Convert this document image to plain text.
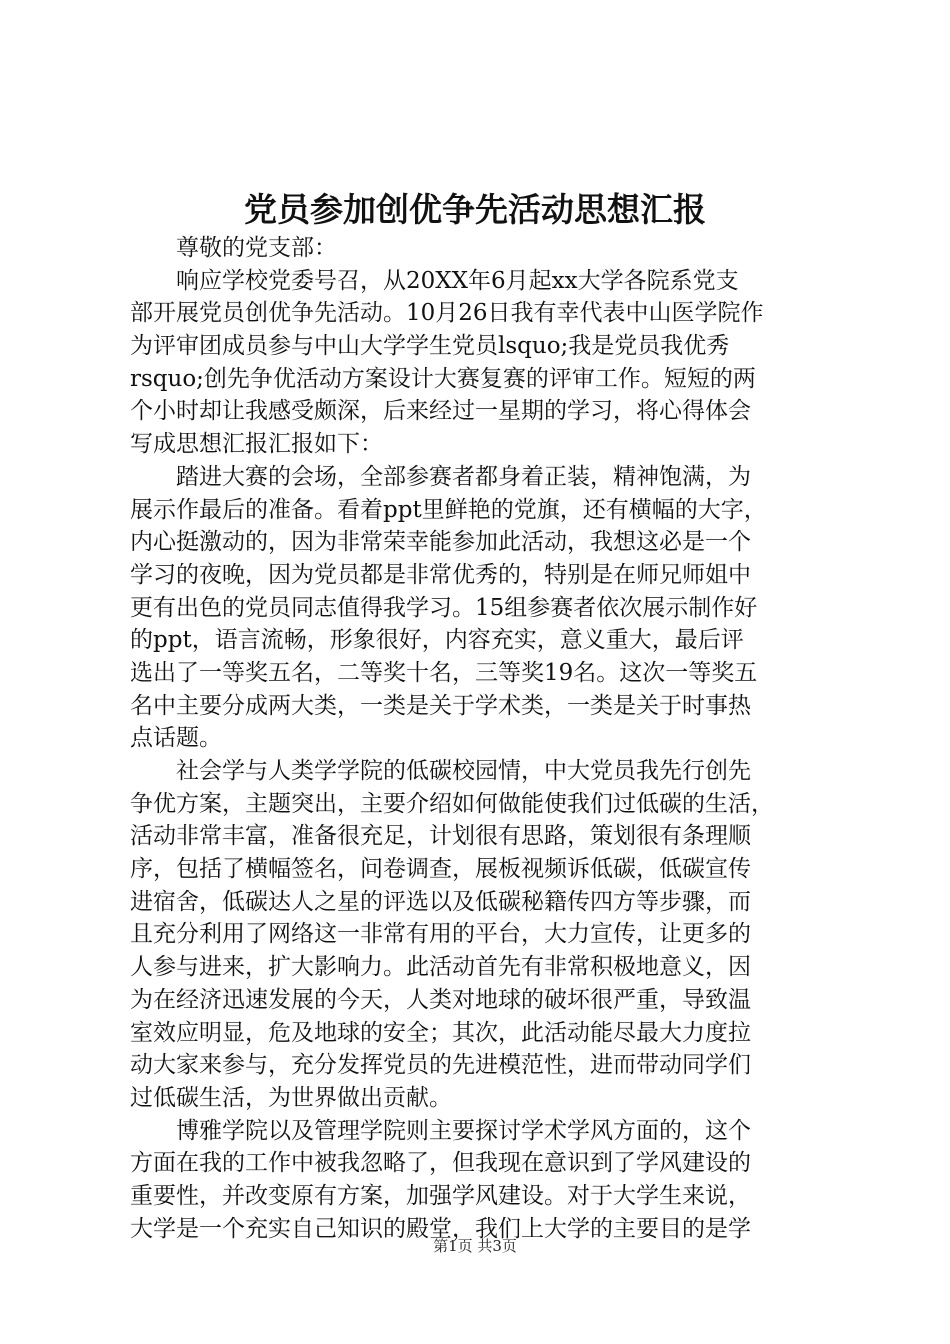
党员参加创优争先活动思想汇报
尊敬的党支部：
响应学校党委号召，从20XX年6月起xx大学各院系党支
部开展党员创优争先活动。10月26日我有幸代表中山医学院作
为评审团成员参与中山大学学生党员lsquo;我是党员我优秀
rsquo;创先争优活动方案设计大赛复赛的评审工作。短短的两
个小时却让我感受颇深，后来经过一星期的学习，将心得体会
写成思想汇报汇报如下：
踏进大赛的会场，全部参赛者都身着正装，精神饱满，为
展示作最后的准备。看着ppt里鲜艳的党旗，还有横幅的大字，
内心挺激动的，因为非常荣幸能参加此活动，我想这必是一个
学习的夜晚，因为党员都是非常优秀的，特别是在师兄师姐中
更有出色的党员同志值得我学习。15组参赛者依次展示制作好
的ppt，语言流畅，形象很好，内容充实，意义重大，最后评
选出了一等奖五名，二等奖十名，三等奖19名。这次一等奖五
名中主要分成两大类，一类是关于学术类，一类是关于时事热
点话题。
社会学与人类学学院的低碳校园情，中大党员我先行创先
争优方案，主题突出，主要介绍如何做能使我们过低碳的生活，
活动非常丰富，准备很充足，计划很有思路，策划很有条理顺
序，包括了横幅签名，问卷调查，展板视频诉低碳，低碳宣传
进宿舍，低碳达人之星的评选以及低碳秘籍传四方等步骤，而
且充分利用了网络这一非常有用的平台，大力宣传，让更多的
人参与进来，扩大影响力。此活动首先有非常积极地意义，因
为在经济迅速发展的今天，人类对地球的破坏很严重，导致温
室效应明显，危及地球的安全；其次，此活动能尽最大力度拉
动大家来参与，充分发挥党员的先进模范性，进而带动同学们
过低碳生活，为世界做出贡献。
博雅学院以及管理学院则主要探讨学术学风方面的，这个
方面在我的工作中被我忽略了，但我现在意识到了学风建设的
重要性，并改变原有方案，加强学风建设。对于大学生来说，
大学是一个充实自己知识的殿堂，我们上大学的主要目的是学
第1页 共3页
